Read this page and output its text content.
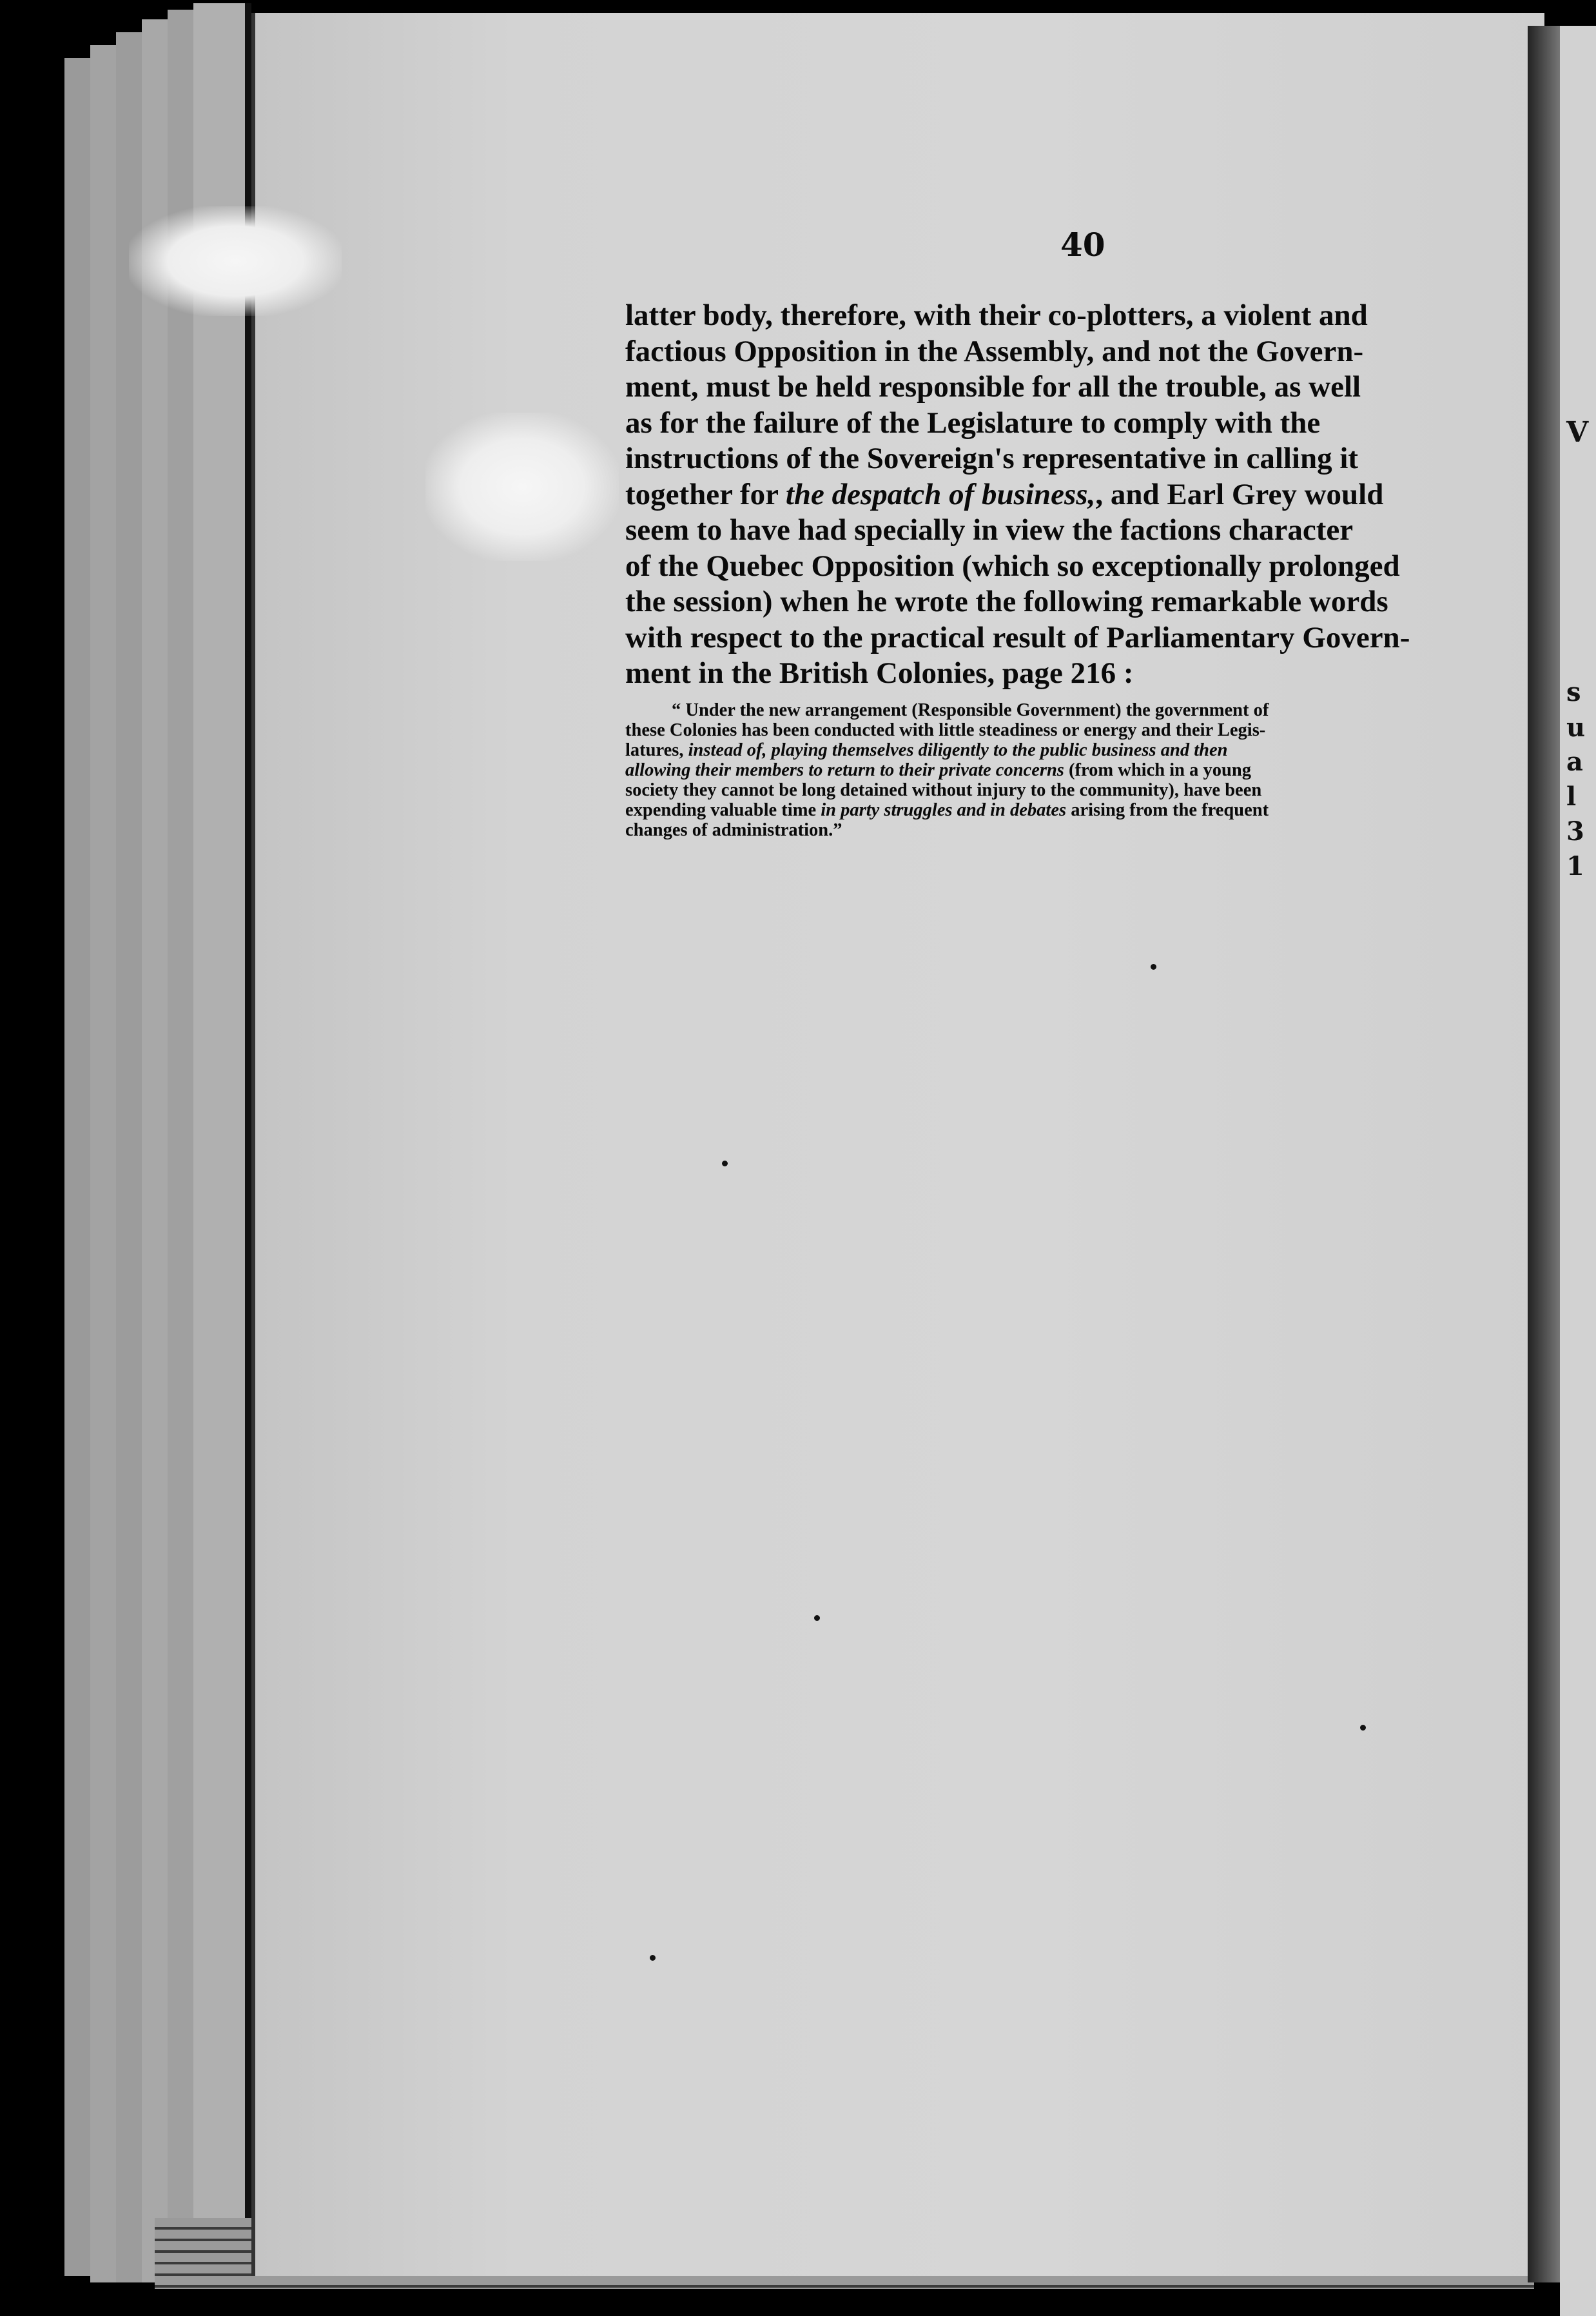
40
latter body, therefore, with their co-plotters, a violent and
factious Opposition in the Assembly, and not the Govern-
ment, must be held responsible for all the trouble, as well
as for the failure of the Legislature to comply with the
instructions of the Sovereign's representative in calling it
together for the despatch of business,, and Earl Grey would
seem to have had specially in view the factions character
of the Quebec Opposition (which so exceptionally prolonged
the session) when he wrote the following remarkable words
with respect to the practical result of Parliamentary Govern-
ment in the British Colonies, page 216 :
“ Under the new arrangement (Responsible Government) the government of
these Colonies has been conducted with little steadiness or energy and their Legis-
latures, instead of, playing themselves diligently to the public business and then
allowing their members to return to their private concerns (from which in a young
society they cannot be long detained without injury to the community), have been
expending valuable time in party struggles and in debates arising from the frequent
changes of administration.”
V
s
u
a
l
3
1
